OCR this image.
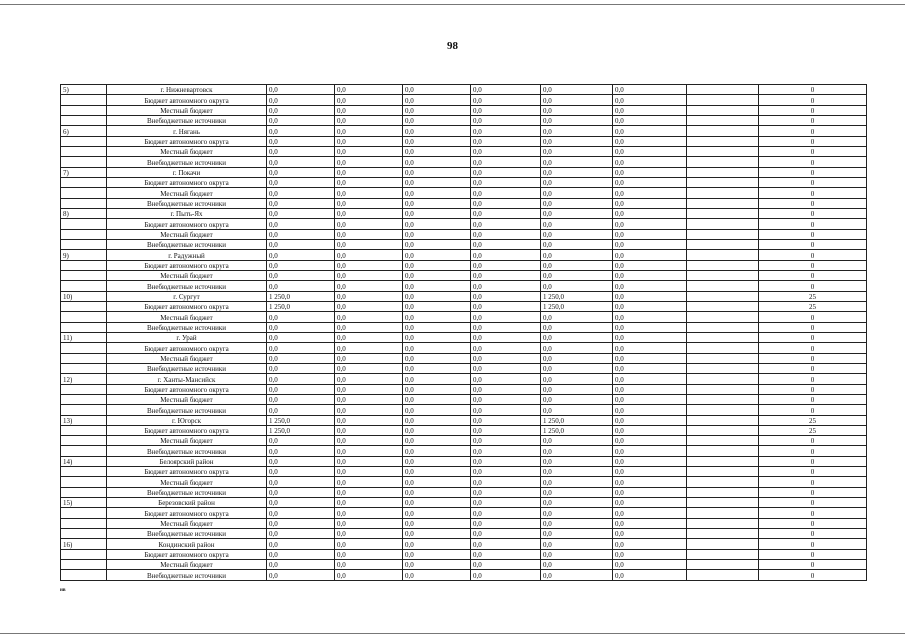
98
5)	г. Нижневартовск	0,0	0,0	0,0	0,0	0,0	0,0		0
	Бюджет автономного округа	0,0	0,0	0,0	0,0	0,0	0,0		0
	Местный бюджет	0,0	0,0	0,0	0,0	0,0	0,0		0
	Внебюджетные источники	0,0	0,0	0,0	0,0	0,0	0,0		0
6)	г. Нягань	0,0	0,0	0,0	0,0	0,0	0,0		0
	Бюджет автономного округа	0,0	0,0	0,0	0,0	0,0	0,0		0
	Местный бюджет	0,0	0,0	0,0	0,0	0,0	0,0		0
	Внебюджетные источники	0,0	0,0	0,0	0,0	0,0	0,0		0
7)	г. Покачи	0,0	0,0	0,0	0,0	0,0	0,0		0
	Бюджет автономного округа	0,0	0,0	0,0	0,0	0,0	0,0		0
	Местный бюджет	0,0	0,0	0,0	0,0	0,0	0,0		0
	Внебюджетные источники	0,0	0,0	0,0	0,0	0,0	0,0		0
8)	г. Пыть-Ях	0,0	0,0	0,0	0,0	0,0	0,0		0
	Бюджет автономного округа	0,0	0,0	0,0	0,0	0,0	0,0		0
	Местный бюджет	0,0	0,0	0,0	0,0	0,0	0,0		0
	Внебюджетные источники	0,0	0,0	0,0	0,0	0,0	0,0		0
9)	г. Радужный	0,0	0,0	0,0	0,0	0,0	0,0		0
	Бюджет автономного округа	0,0	0,0	0,0	0,0	0,0	0,0		0
	Местный бюджет	0,0	0,0	0,0	0,0	0,0	0,0		0
	Внебюджетные источники	0,0	0,0	0,0	0,0	0,0	0,0		0
10)	г. Сургут	1 250,0	0,0	0,0	0,0	1 250,0	0,0		25
	Бюджет автономного округа	1 250,0	0,0	0,0	0,0	1 250,0	0,0		25
	Местный бюджет	0,0	0,0	0,0	0,0	0,0	0,0		0
	Внебюджетные источники	0,0	0,0	0,0	0,0	0,0	0,0		0
11)	г. Урай	0,0	0,0	0,0	0,0	0,0	0,0		0
	Бюджет автономного округа	0,0	0,0	0,0	0,0	0,0	0,0		0
	Местный бюджет	0,0	0,0	0,0	0,0	0,0	0,0		0
	Внебюджетные источники	0,0	0,0	0,0	0,0	0,0	0,0		0
12)	г. Ханты-Мансийск	0,0	0,0	0,0	0,0	0,0	0,0		0
	Бюджет автономного округа	0,0	0,0	0,0	0,0	0,0	0,0		0
	Местный бюджет	0,0	0,0	0,0	0,0	0,0	0,0		0
	Внебюджетные источники	0,0	0,0	0,0	0,0	0,0	0,0		0
13)	г. Югорск	1 250,0	0,0	0,0	0,0	1 250,0	0,0		25
	Бюджет автономного округа	1 250,0	0,0	0,0	0,0	1 250,0	0,0		25
	Местный бюджет	0,0	0,0	0,0	0,0	0,0	0,0		0
	Внебюджетные источники	0,0	0,0	0,0	0,0	0,0	0,0		0
14)	Белоярский район	0,0	0,0	0,0	0,0	0,0	0,0		0
	Бюджет автономного округа	0,0	0,0	0,0	0,0	0,0	0,0		0
	Местный бюджет	0,0	0,0	0,0	0,0	0,0	0,0		0
	Внебюджетные источники	0,0	0,0	0,0	0,0	0,0	0,0		0
15)	Березовский район	0,0	0,0	0,0	0,0	0,0	0,0		0
	Бюджет автономного округа	0,0	0,0	0,0	0,0	0,0	0,0		0
	Местный бюджет	0,0	0,0	0,0	0,0	0,0	0,0		0
	Внебюджетные источники	0,0	0,0	0,0	0,0	0,0	0,0		0
16)	Кондинский район	0,0	0,0	0,0	0,0	0,0	0,0		0
	Бюджет автономного округа	0,0	0,0	0,0	0,0	0,0	0,0		0
	Местный бюджет	0,0	0,0	0,0	0,0	0,0	0,0		0
	Внебюджетные источники	0,0	0,0	0,0	0,0	0,0	0,0		0
нв
